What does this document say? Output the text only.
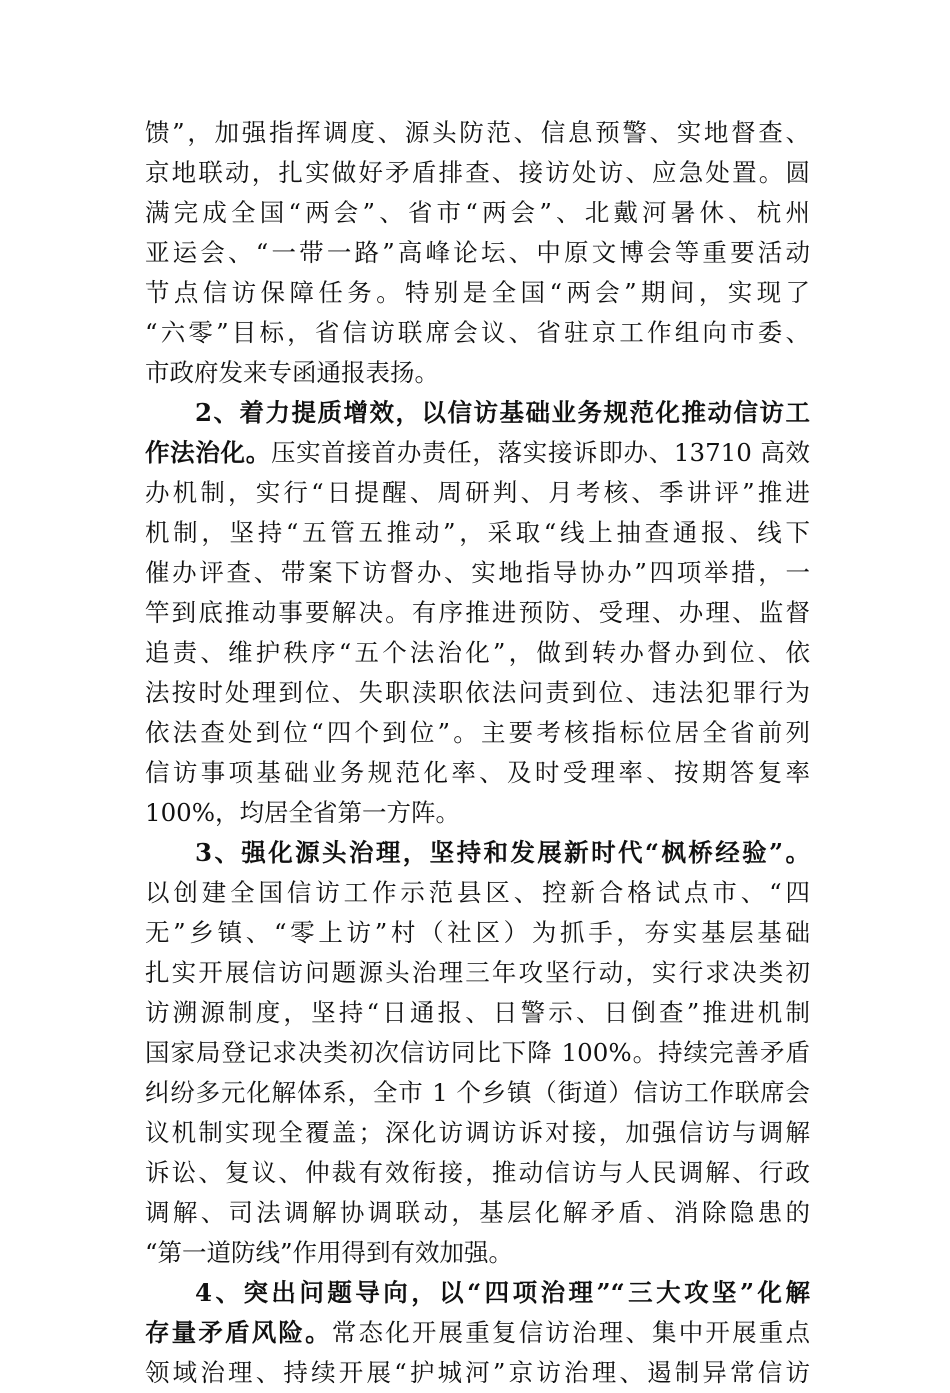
馈”，加强指挥调度、源头防范、信息预警、实地督查、
京地联动，扎实做好矛盾排查、接访处访、应急处置。圆
满完成全国“两会”、省市“两会”、北戴河暑休、杭州
亚运会、“一带一路”高峰论坛、中原文博会等重要活动
节点信访保障任务。特别是全国“两会”期间，实现了
“六零”目标，省信访联席会议、省驻京工作组向市委、
市政府发来专函通报表扬。
2、着力提质增效，以信访基础业务规范化推动信访工
作法治化。压实首接首办责任，落实接诉即办、13710 高效
办机制，实行“日提醒、周研判、月考核、季讲评”推进
机制，坚持“五管五推动”，采取“线上抽查通报、线下
催办评查、带案下访督办、实地指导协办”四项举措，一
竿到底推动事要解决。有序推进预防、受理、办理、监督
追责、维护秩序“五个法治化”，做到转办督办到位、依
法按时处理到位、失职渎职依法问责到位、违法犯罪行为
依法查处到位“四个到位”。主要考核指标位居全省前列
信访事项基础业务规范化率、及时受理率、按期答复率
100%，均居全省第一方阵。
3、强化源头治理，坚持和发展新时代“枫桥经验”。
以创建全国信访工作示范县区、控新合格试点市、“四
无”乡镇、“零上访”村（社区）为抓手，夯实基层基础
扎实开展信访问题源头治理三年攻坚行动，实行求决类初
访溯源制度，坚持“日通报、日警示、日倒查”推进机制
国家局登记求决类初次信访同比下降 100%。持续完善矛盾
纠纷多元化解体系，全市 1 个乡镇（街道）信访工作联席会
议机制实现全覆盖；深化访调访诉对接，加强信访与调解
诉讼、复议、仲裁有效衔接，推动信访与人民调解、行政
调解、司法调解协调联动，基层化解矛盾、消除隐患的
“第一道防线”作用得到有效加强。
4、突出问题导向，以“四项治理”“三大攻坚”化解
存量矛盾风险。常态化开展重复信访治理、集中开展重点
领域治理、持续开展“护城河”京访治理、遏制异常信访
